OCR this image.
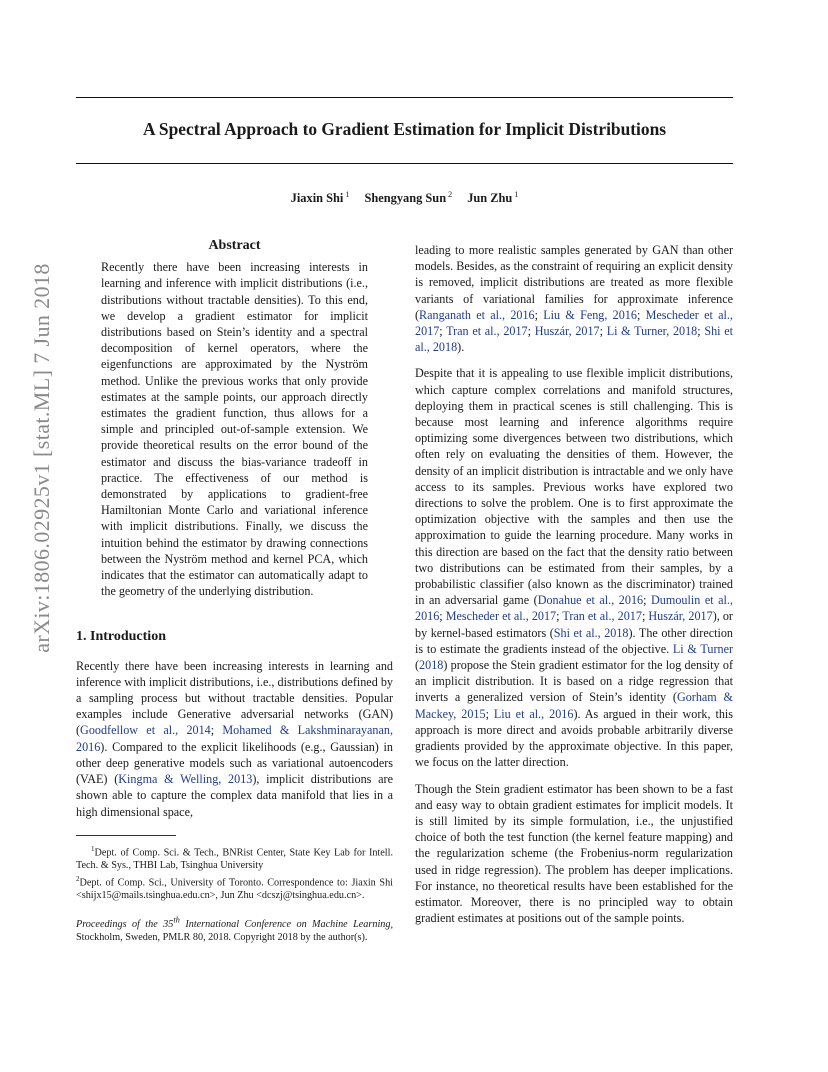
A Spectral Approach to Gradient Estimation for Implicit Distributions
Jiaxin Shi $^1$ Shengyang Sun $^2$ Jun Zhu $^1$
arXiv:1806.02925v1 [stat.ML] 7 Jun 2018
Abstract

Recently there have been increasing interests in learning and inference with implicit distributions (i.e., distributions without tractable densities). To this end, we develop a gradient estimator for implicit distributions based on Stein’s identity and a spectral decomposition of kernel operators, where the eigenfunctions are approximated by the Nyström method. Unlike the previous works that only provide estimates at the sample points, our approach directly estimates the gradient function, thus allows for a simple and principled out-of-sample extension. We provide theoretical results on the error bound of the estimator and discuss the bias-variance tradeoff in practice. The effectiveness of our method is demonstrated by applications to gradient-free Hamiltonian Monte Carlo and variational inference with implicit distributions. Finally, we discuss the intuition behind the estimator by drawing connections between the Nyström method and kernel PCA, which indicates that the estimator can automatically adapt to the geometry of the underlying distribution.

1. Introduction

Recently there have been increasing interests in learning and inference with implicit distributions, i.e., distributions defined by a sampling process but without tractable densities. Popular examples include Generative adversarial networks (GAN) (Goodfellow et al., 2014; Mohamed & Lakshminarayanan, 2016). Compared to the explicit likelihoods (e.g., Gaussian) in other deep generative models such as variational autoencoders (VAE) (Kingma & Welling, 2013), implicit distributions are shown able to capture the complex data manifold that lies in a high dimensional space,

$^1$Dept. of Comp. Sci. & Tech., BNRist Center, State Key Lab for Intell. Tech. & Sys., THBI Lab, Tsinghua University

$^2$Dept. of Comp. Sci., University of Toronto. Correspondence to: Jiaxin Shi <shijx15@mails.tsinghua.edu.cn>, Jun Zhu <dcszj@tsinghua.edu.cn>.

Proceedings of the 35th International Conference on Machine Learning, Stockholm, Sweden, PMLR 80, 2018. Copyright 2018 by the author(s).

leading to more realistic samples generated by GAN than other models. Besides, as the constraint of requiring an explicit density is removed, implicit distributions are treated as more flexible variants of variational families for approximate inference (Ranganath et al., 2016; Liu & Feng, 2016; Mescheder et al., 2017; Tran et al., 2017; Huszár, 2017; Li & Turner, 2018; Shi et al., 2018).

Despite that it is appealing to use flexible implicit distributions, which capture complex correlations and manifold structures, deploying them in practical scenes is still challenging. This is because most learning and inference algorithms require optimizing some divergences between two distributions, which often rely on evaluating the densities of them. However, the density of an implicit distribution is intractable and we only have access to its samples. Previous works have explored two directions to solve the problem. One is to first approximate the optimization objective with the samples and then use the approximation to guide the learning procedure. Many works in this direction are based on the fact that the density ratio between two distributions can be estimated from their samples, by a probabilistic classifier (also known as the discriminator) trained in an adversarial game (Donahue et al., 2016; Dumoulin et al., 2016; Mescheder et al., 2017; Tran et al., 2017; Huszár, 2017), or by kernel-based estimators (Shi et al., 2018). The other direction is to estimate the gradients instead of the objective. Li & Turner (2018) propose the Stein gradient estimator for the log density of an implicit distribution. It is based on a ridge regression that inverts a generalized version of Stein’s identity (Gorham & Mackey, 2015; Liu et al., 2016). As argued in their work, this approach is more direct and avoids probable arbitrarily diverse gradients provided by the approximate objective. In this paper, we focus on the latter direction.

Though the Stein gradient estimator has been shown to be a fast and easy way to obtain gradient estimates for implicit models. It is still limited by its simple formulation, i.e., the unjustified choice of both the test function (the kernel feature mapping) and the regularization scheme (the Frobenius-norm regularization used in ridge regression). The problem has deeper implications. For instance, no theoretical results have been established for the estimator. Moreover, there is no principled way to obtain gradient estimates at positions out of the sample points.
